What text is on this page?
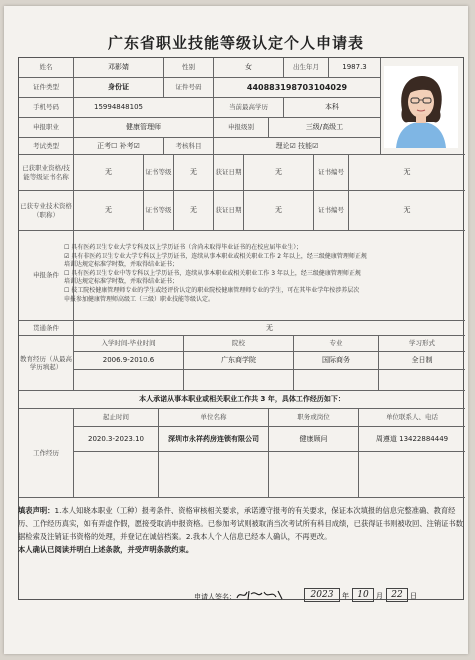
广东省职业技能等级认定个人申请表
姓名	邓影婧	性别	女	出生年月	1987.3
证件类型	身份证	证件号码	440883198703104029
手机号码	15994848105	当前最高学历	本科
申报职业	健康管理师	申报级别	三级/高级工
考试类型	正考☐ 补考☑	考核科目	理论☑ 技能☑
已获职业资格/技能等级证书名称
无	证书等级	无	获证日期	无	证书编号	无
已获专业技术资格（职称）
无	证书等级	无	获证日期	无	证书编号	无
申报条件
贯通条件	无
教育经历（从最高学历填起）
入学时间-毕业时间	院校	专业	学习形式
2006.9-2010.6	广东商学院	国际商务	全日制
本人承诺从事本职业或相关职业工作共 3 年，具体工作经历如下：
工作经历
起止时间	单位名称	职务或岗位	单位联系人、电话
2020.3-2023.10	深圳市永祥药房连锁有限公司	健康顾问	周遵道 13422884449
☐ 具有医药卫生专业大学专科及以上学历证书（含尚未取得毕业证书的在校应届毕业生）；
☑ 具有非医药卫生专业大学专科以上学历证书，连续从事本职业或相关职业工作 2 年以上，经三级健康管理师正规
培训达规定标准学时数，并取得结业证书；
☐ 具有医药卫生专业中等专科以上学历证书，连续从事本职业或相关职业工作 3 年以上，经三级健康管理师正规
培训达规定标准学时数，并取得结业证书；
☐ 技工院校健康管理师专业的学生或经评价认定的职业院校健康管理师专业的学生，可在其毕业学年按涉养层次
申报参加健康管理师高级工（三级）职业技能等级认定。
填表声明：1.本人知晓本职业（工种）报考条件、资格审核相关要求，承诺遵守报考的有关要求，保证本次填报的信息完整准确、教育经历、工作经历真实，如有弄虚作假，愿接受取消申报资格。已参加考试则被取消当次考试所有科目成绩，已获得证书则被收回、注销证书数据检索及注销证书资格的处理，并登记在诚信档案。2.我本人个人信息已经本人确认，不再更改。
本人确认已阅读并明白上述条款，并受声明条款约束。
申请人签名：	2023	年 10	月 22	日
